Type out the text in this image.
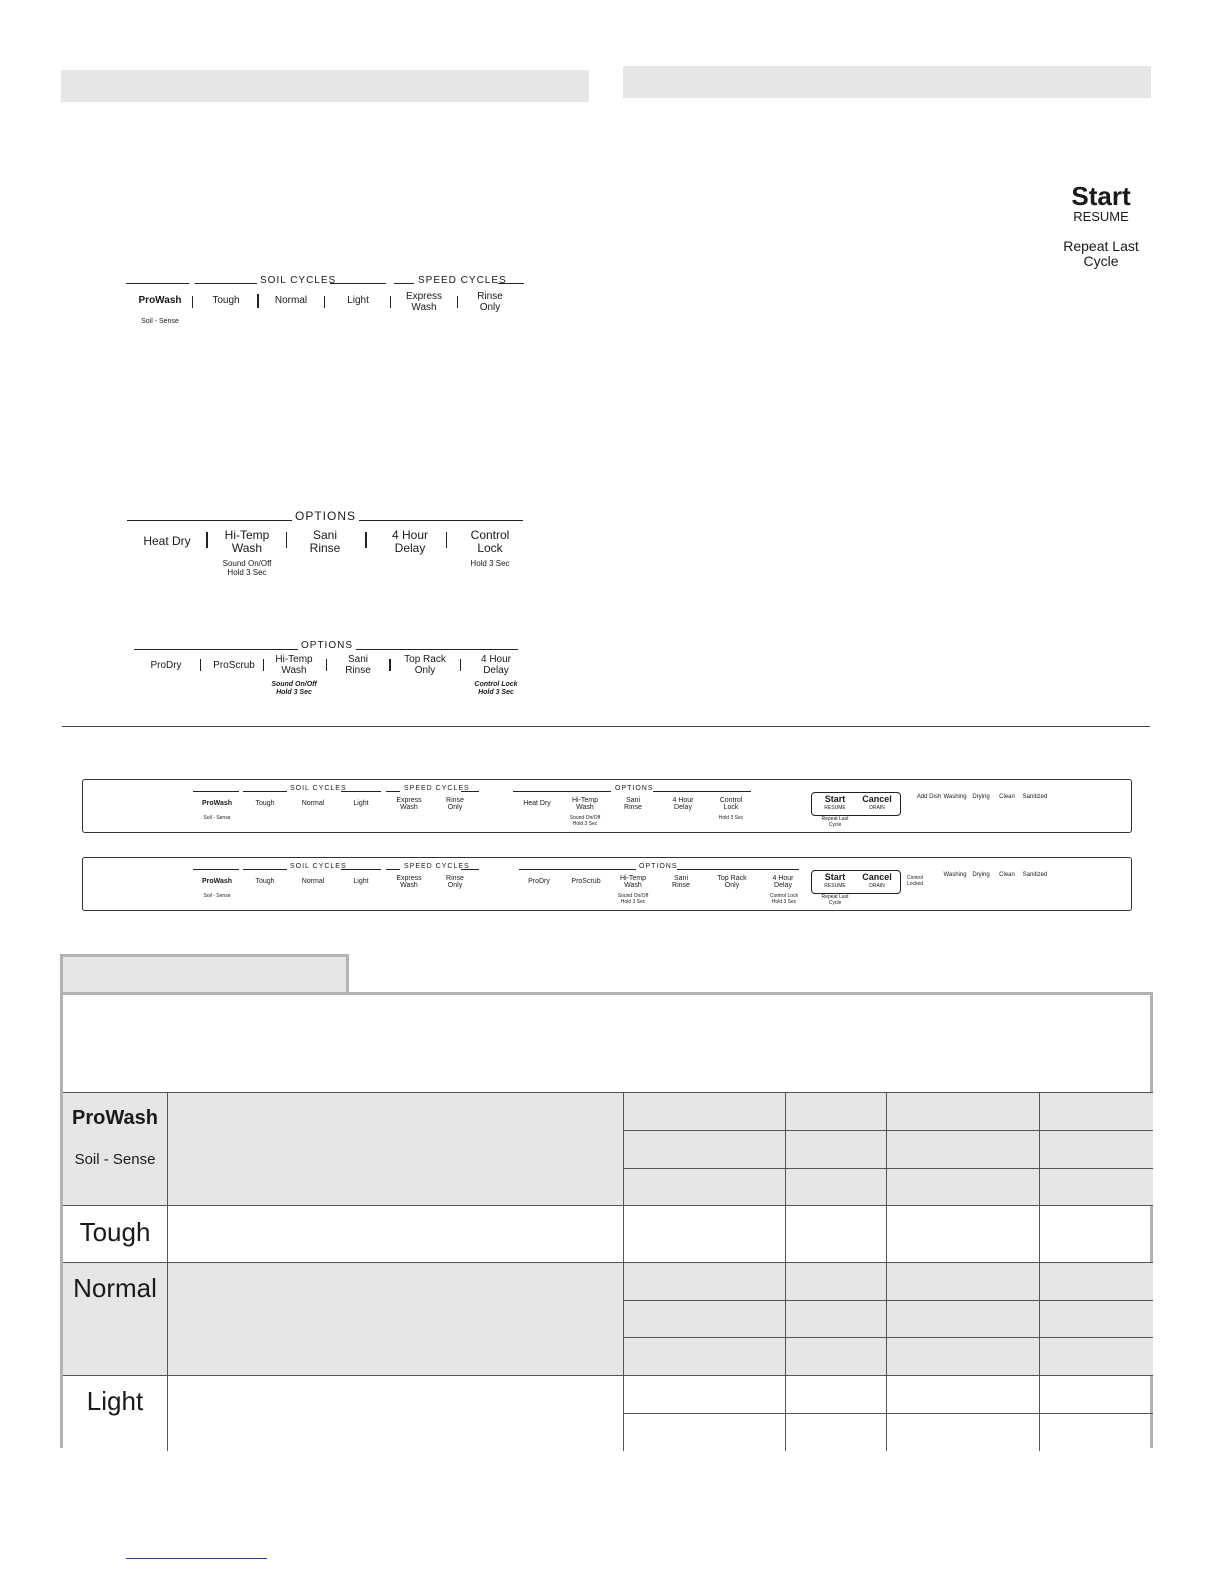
Start
RESUME
Repeat Last
Cycle
SOIL CYCLES	SPEED CYCLES
ProWash
Soil - Sense
Tough	Normal	Light	Express
Wash
Rinse
Only
OPTIONS
Heat Dry	Hi-Temp
Wash
Sound On/Off
Hold 3 Sec
Sani
Rinse
4 Hour
Delay
Control
Lock
Hold 3 Sec
OPTIONS
ProDry	ProScrub
Hi-Temp
Wash
Sound On/Off
Hold 3 Sec
Sani
Rinse
Top Rack
Only
4 Hour
Delay
Control Lock
Hold 3 Sec
SOIL CYCLES	SPEED CYCLES	OPTIONS
ProWash
Soil - Sense
Tough	Normal	Light	Express
Wash
Rinse
Only
Heat Dry	Hi-Temp
Wash
Sound On/Off
Hold 3 Sec
Sani
Rinse
4 Hour
Delay
Control
Lock
Hold 3 Sec
Start
RESUME
Cancel
DRAIN
Repeat Last
Cycle
Add Dish Washing Drying	Clean	Sanitized
SOIL CYCLES	SPEED CYCLES	OPTIONS
ProWash
Soil - Sense
Tough	Normal	Light	Express
Wash
Rinse
Only
ProDry	ProScrub	Hi-Temp
Wash
Sound On/Off
Hold 3 Sec
Sani
Rinse
Top Rack
Only
4 Hour
Delay
Control Lock
Hold 3 Sec
Start
RESUME
Cancel
DRAIN
Repeat Last
Cycle
Control
Locked
Washing Drying	Clean	Sanitized
ProWash
Soil - Sense
Tough
Normal
Light
